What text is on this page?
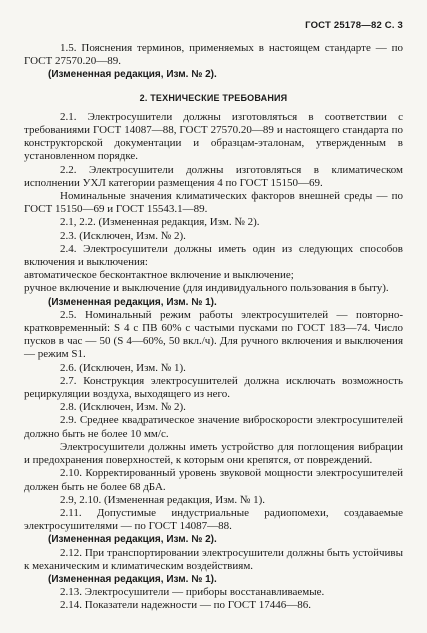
ГОСТ 25178—82 С. 3

1.5. Пояснения терминов, применяемых в настоящем стандарте — по ГОСТ 27570.20—89.

(Измененная редакция, Изм. № 2).

2. ТЕХНИЧЕСКИЕ ТРЕБОВАНИЯ

2.1. Электросушители должны изготовляться в соответствии с требованиями ГОСТ 14087—88, ГОСТ 27570.20—89 и настоящего стандарта по конструкторской документации и образцам-эталонам, утвержденным в установленном порядке.

2.2. Электросушители должны изготовляться в климатическом исполнении УХЛ категории размещения 4 по ГОСТ 15150—69.

Номинальные значения климатических факторов внешней среды — по ГОСТ 15150—69 и ГОСТ 15543.1—89.

2.1, 2.2. (Измененная редакция, Изм. № 2).

2.3. (Исключен, Изм. № 2).

2.4. Электросушители должны иметь один из следующих способов включения и выключения:

автоматическое бесконтактное включение и выключение;

ручное включение и выключение (для индивидуального пользования в быту).

(Измененная редакция, Изм. № 1).

2.5. Номинальный режим работы электросушителей — повторно-кратковременный: S 4 с ПВ 60% с частыми пусками по ГОСТ 183—74. Число пусков в час — 50 (S 4—60%, 50 вкл./ч). Для ручного включения и выключения — режим S1.

2.6. (Исключен, Изм. № 1).

2.7. Конструкция электросушителей должна исключать возможность рециркуляции воздуха, выходящего из него.

2.8. (Исключен, Изм. № 2).

2.9. Среднее квадратическое значение виброскорости электросушителей должно быть не более 10 мм/с.

Электросушители должны иметь устройство для поглощения вибрации и предохранения поверхностей, к которым они крепятся, от повреждений.

2.10. Корректированный уровень звуковой мощности электросушителей должен быть не более 68 дБА.

2.9, 2.10. (Измененная редакция, Изм. № 1).

2.11. Допустимые индустриальные радиопомехи, создаваемые электросушителями — по ГОСТ 14087—88.

(Измененная редакция, Изм. № 2).

2.12. При транспортировании электросушители должны быть устойчивы к механическим и климатическим воздействиям.

(Измененная редакция, Изм. № 1).

2.13. Электросушители — приборы восстанавливаемые.

2.14. Показатели надежности — по ГОСТ 17446—86.
